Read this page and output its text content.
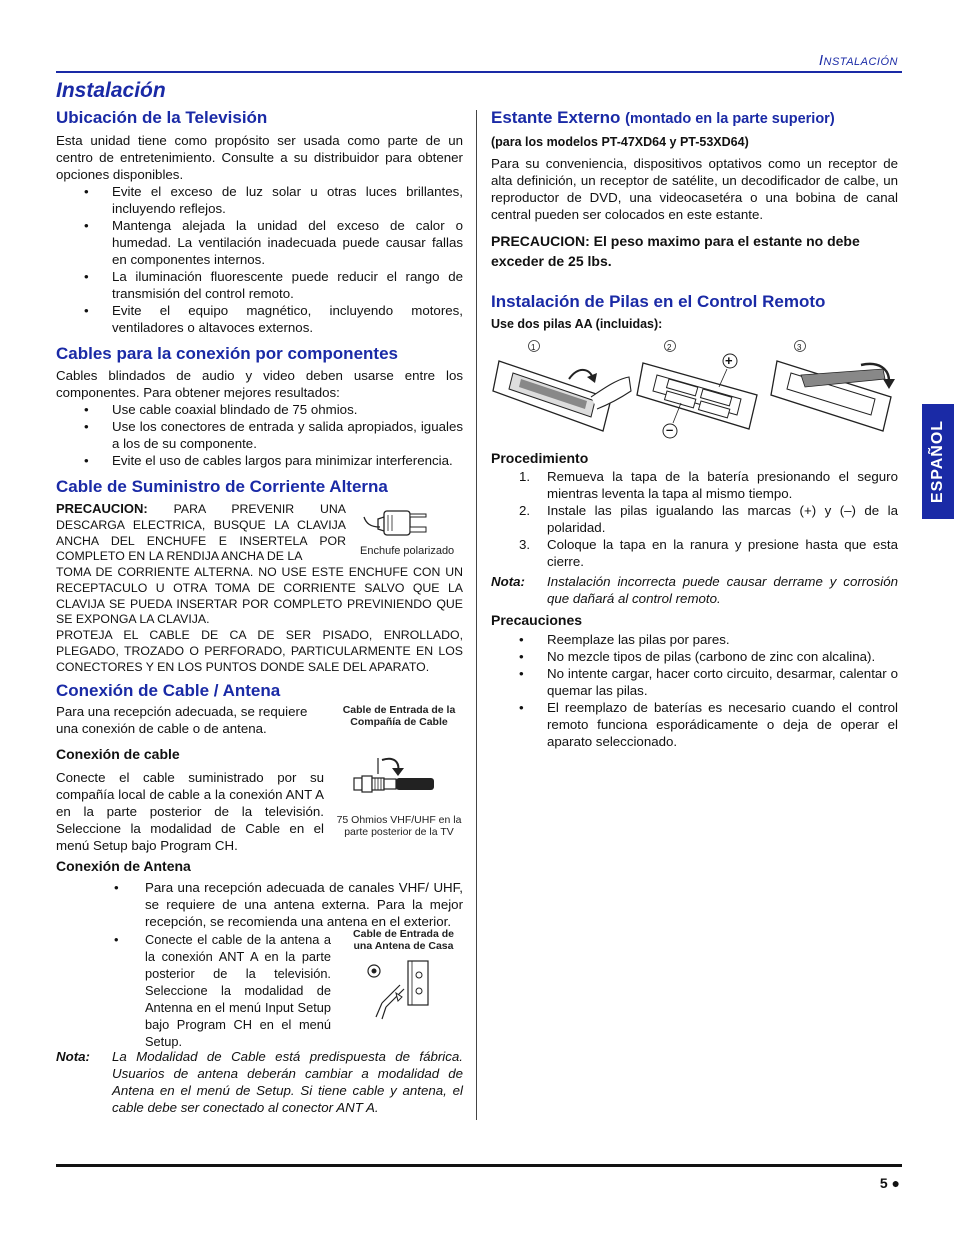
Instalación
Instalación
Ubicación de la Televisión

Esta unidad tiene como propósito ser usada como parte de un centro de entretenimiento. Consulte a su distribuidor para obtener opciones disponibles.

• Evite el exceso de luz solar u otras luces brillantes, incluyendo reflejos.
• Mantenga alejada la unidad del exceso de calor o humedad. La ventilación inadecuada puede causar fallas en componentes internos.
• La iluminación fluorescente puede reducir el rango de transmisión del control remoto.
• Evite el equipo magnético, incluyendo motores, ventiladores o altavoces externos.
Cables para la conexión por componentes

Cables blindados de audio y video deben usarse entre los componentes. Para obtener mejores resultados:

• Use cable coaxial blindado de 75 ohmios.
• Use los conectores de entrada y salida apropiados, iguales a los de su componente.
• Evite el uso de cables largos para minimizar interferencia.
Cable de Suministro de Corriente Alterna
PRECAUCION: PARA PREVENIR UNA DESCARGA ELECTRICA, BUSQUE LA CLAVIJA ANCHA DEL ENCHUFE E INSERTELA POR COMPLETO EN LA RENDIJA ANCHA DE LA	Enchufe polarizado
TOMA DE CORRIENTE ALTERNA. NO USE ESTE ENCHUFE CON UN RECEPTACULO U OTRA TOMA DE CORRIENTE SALVO QUE LA CLAVIJA SE PUEDA INSERTAR POR COMPLETO PREVINIENDO QUE SE EXPONGA LA CLAVIJA.
PROTEJA EL CABLE DE CA DE SER PISADO, ENROLLADO, PLEGADO, TROZADO O PERFORADO, PARTICULARMENTE EN LOS CONECTORES Y EN LOS PUNTOS DONDE SALE DEL APARATO.
Conexión de Cable / Antena

Para una recepción adecuada, se requiere una conexión de cable o de antena.

Cable de Entrada de la Compañía de Cable
Conexión de cable

Conecte el cable suministrado por su compañía local de cable a la conexión ANT A en la parte posterior de la televisión. Seleccione la modalidad de Cable en el menú Setup bajo Program CH.

75 Ohmios VHF/UHF en la parte posterior de la TV
Conexión de Antena
• Para una recepción adecuada de canales VHF/ UHF, se requiere de una antena externa. Para la mejor recepción, se recomienda una antena en el exterior.
• Conecte el cable de la antena a la conexión ANT A en la parte posterior de la televisión. Seleccione la modalidad de Antenna en el menú Input Setup bajo Program CH en el menú Setup.
Cable de Entrada de una Antena de Casa
Nota:	La Modalidad de Cable está predispuesta de fábrica. Usuarios de antena deberán cambiar a modalidad de Antena en el menú de Setup. Si tiene cable y antena, el cable debe ser conectado al conector ANT A.
Estante Externo (montado en la parte superior)
(para los modelos PT-47XD64 y PT-53XD64)

Para su conveniencia, dispositivos optativos como un receptor de alta definición, un receptor de satélite, un decodificador de calbe, un reproductor de DVD, una videocasetéra o una bobina de canal central pueden ser colocados en este estante.

PRECAUCION: El peso maximo para el estante no debe exceder de 25 lbs.

Instalación de Pilas en el Control Remoto
Use dos pilas AA (incluidas):
1	2	3
+
–
Procedimiento
1. Remueva la tapa de la batería presionando el seguro mientras leventa la tapa al mismo tiempo.
2. Instale las pilas igualando las marcas (+) y (–) de la polaridad.
3. Coloque la tapa en la ranura y presione hasta que esta cierre.
Nota:	Instalación incorrecta puede causar derrame y corrosión que dañará al control remoto.
Precauciones
• Reemplaze las pilas por pares.
• No mezcle tipos de pilas (carbono de zinc con alcalina).
• No intente cargar, hacer corto circuito, desarmar, calentar o quemar las pilas.
• El reemplazo de baterías es necesario cuando el control remoto funciona esporádicamente o deja de operar el aparato seleccionado.
ESPAÑOL
5 ●
